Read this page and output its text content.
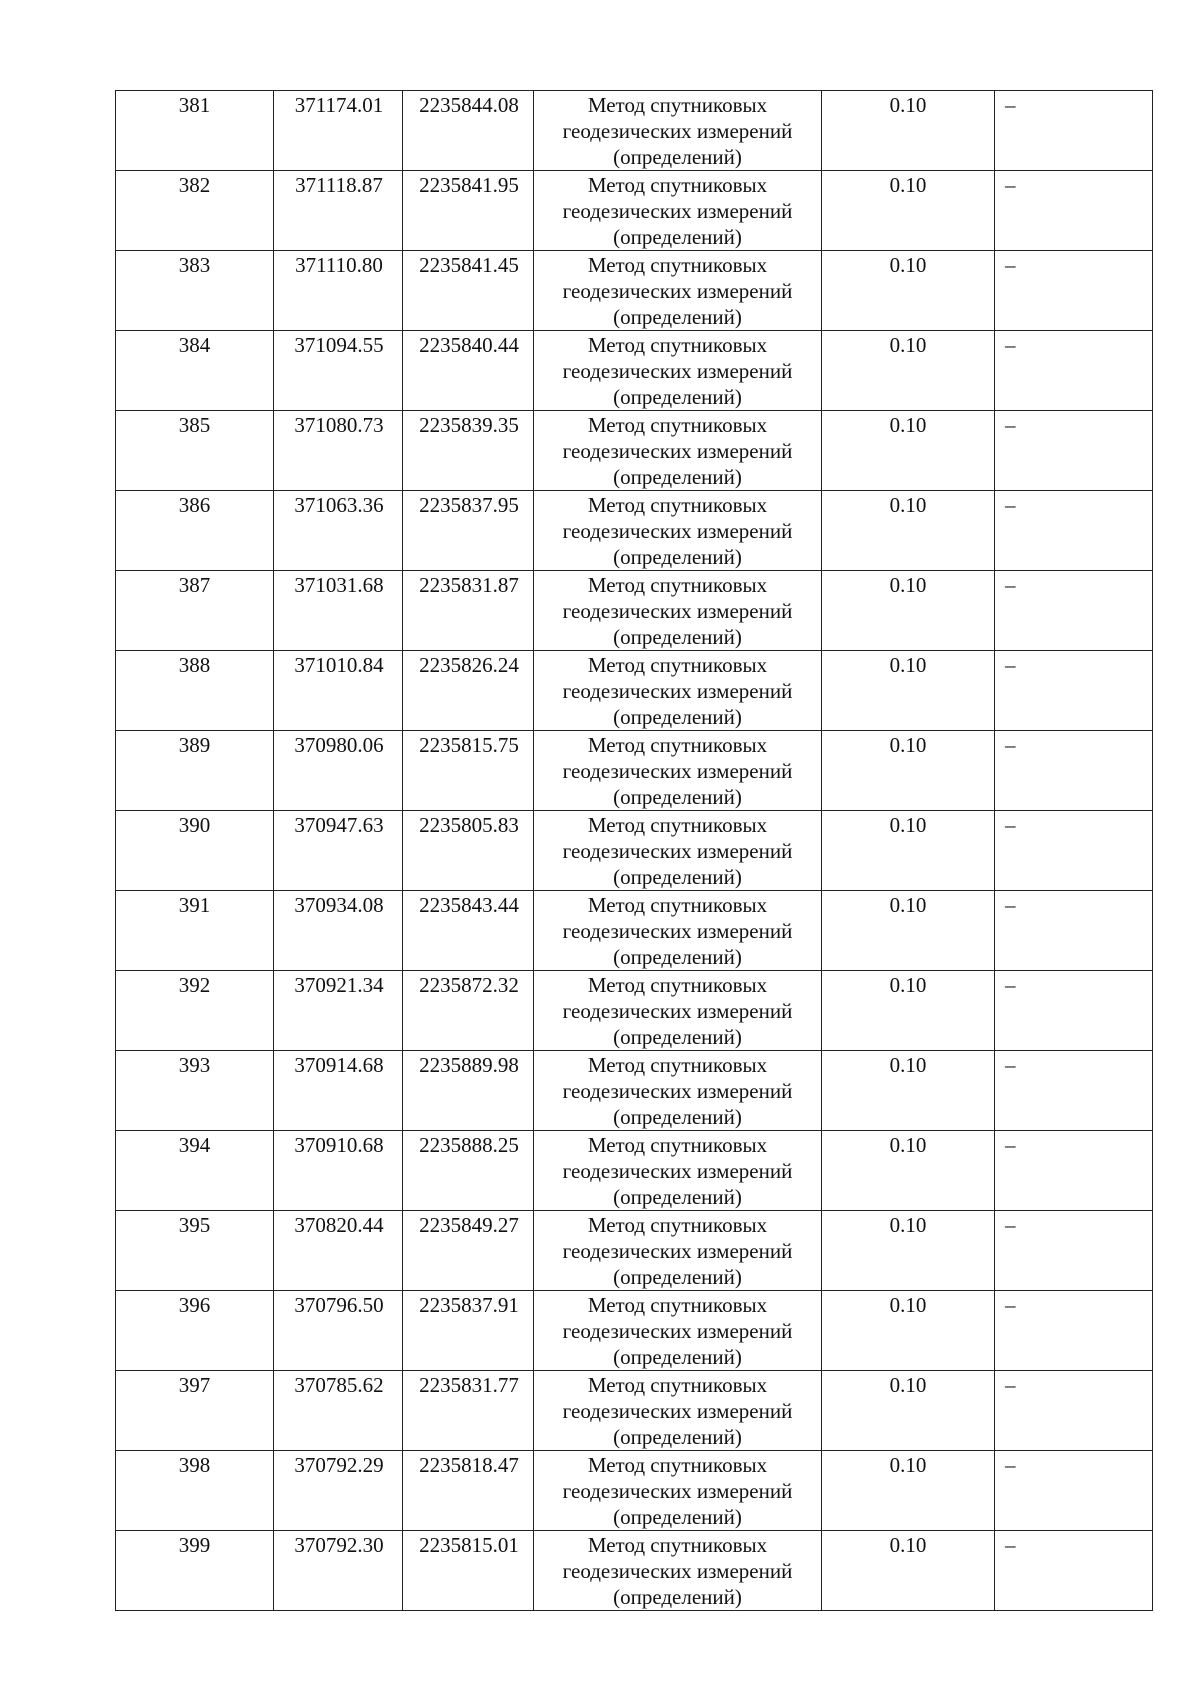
381	371174.01	2235844.08	Метод спутниковых геодезических измерений (определений)	0.10	–

382	371118.87	2235841.95	Метод спутниковых геодезических измерений (определений)	0.10	–

383	371110.80	2235841.45	Метод спутниковых геодезических измерений (определений)	0.10	–

384	371094.55	2235840.44	Метод спутниковых геодезических измерений (определений)	0.10	–

385	371080.73	2235839.35	Метод спутниковых геодезических измерений (определений)	0.10	–

386	371063.36	2235837.95	Метод спутниковых геодезических измерений (определений)	0.10	–

387	371031.68	2235831.87	Метод спутниковых геодезических измерений (определений)	0.10	–

388	371010.84	2235826.24	Метод спутниковых геодезических измерений (определений)	0.10	–

389	370980.06	2235815.75	Метод спутниковых геодезических измерений (определений)	0.10	–

390	370947.63	2235805.83	Метод спутниковых геодезических измерений (определений)	0.10	–

391	370934.08	2235843.44	Метод спутниковых геодезических измерений (определений)	0.10	–

392	370921.34	2235872.32	Метод спутниковых геодезических измерений (определений)	0.10	–

393	370914.68	2235889.98	Метод спутниковых геодезических измерений (определений)	0.10	–

394	370910.68	2235888.25	Метод спутниковых геодезических измерений (определений)	0.10	–

395	370820.44	2235849.27	Метод спутниковых геодезических измерений (определений)	0.10	–

396	370796.50	2235837.91	Метод спутниковых геодезических измерений (определений)	0.10	–

397	370785.62	2235831.77	Метод спутниковых геодезических измерений (определений)	0.10	–

398	370792.29	2235818.47	Метод спутниковых геодезических измерений (определений)	0.10	–

399	370792.30	2235815.01	Метод спутниковых геодезических измерений (определений)	0.10	–
